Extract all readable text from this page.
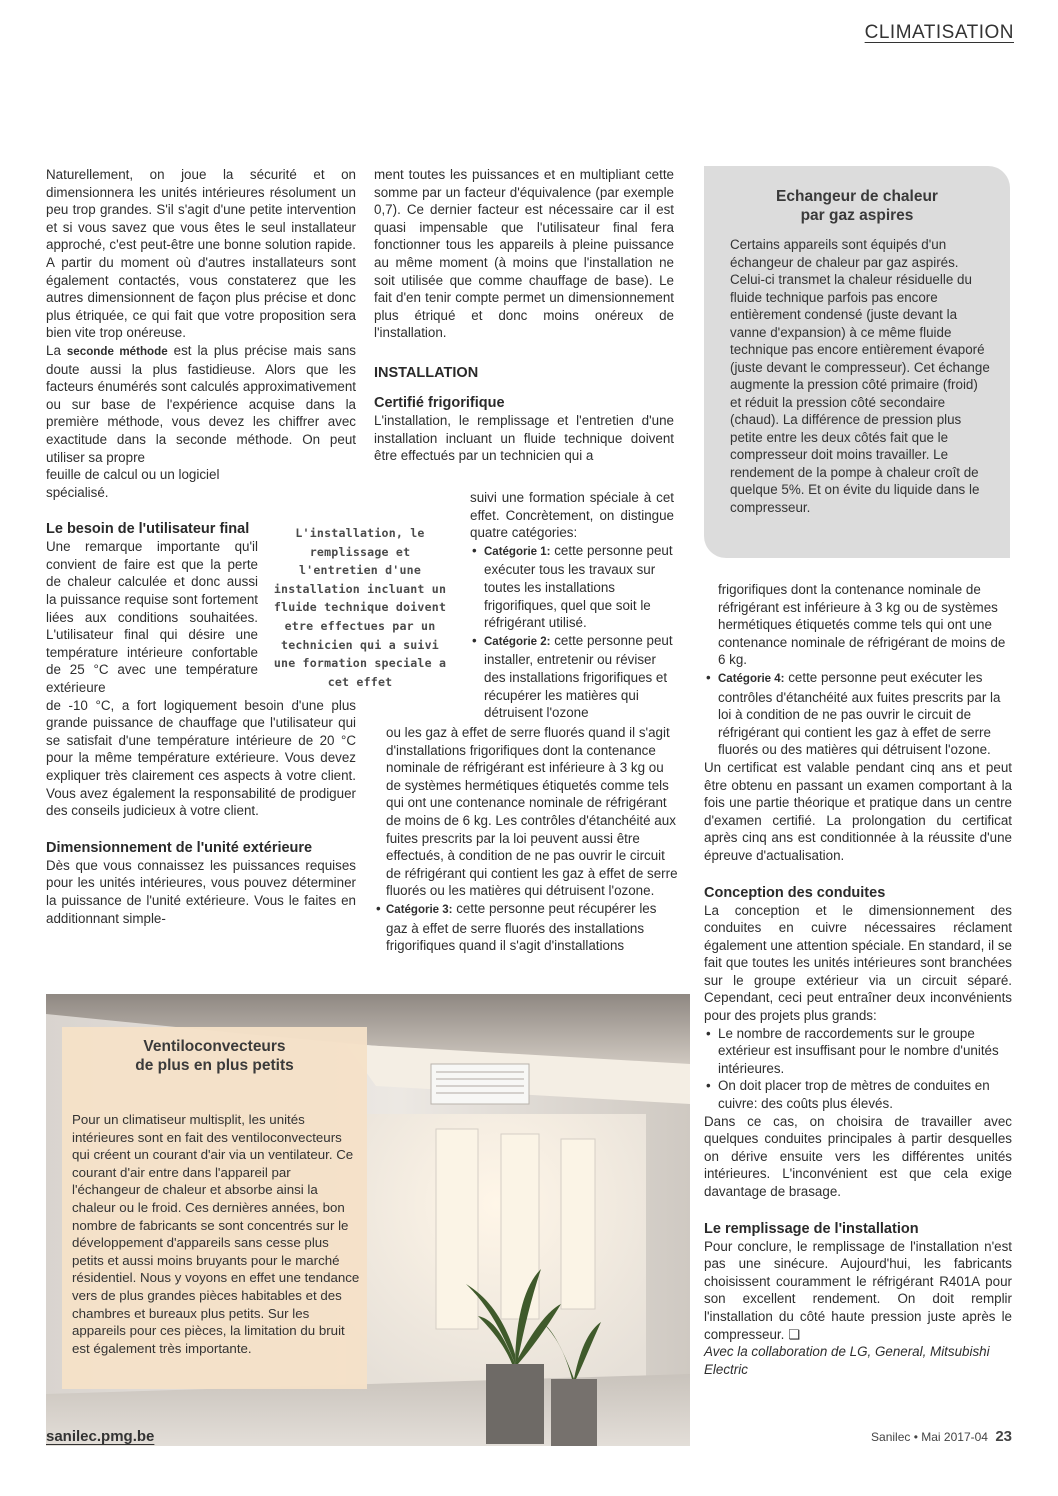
CLIMATISATION

Naturellement, on joue la sécurité et on dimensionnera les unités intérieures résolument un peu trop grandes. S'il s'agit d'une petite intervention et si vous savez que vous êtes le seul installateur approché, c'est peut-être une bonne solution rapide. A partir du moment où d'autres installateurs sont également contactés, vous constaterez que les autres dimensionnent de façon plus précise et donc plus étriquée, ce qui fait que votre proposition sera bien vite trop onéreuse.

La seconde méthode est la plus précise mais sans doute aussi la plus fastidieuse. Alors que les facteurs énumérés sont calculés approximativement ou sur base de l'expérience acquise dans la première méthode, vous devez les chiffrer avec exactitude dans la seconde méthode. On peut utiliser sa propre

feuille de calcul ou un logiciel spécialisé.

Le besoin de l'utilisateur final

Une remarque importante qu'il convient de faire est que la perte de chaleur calculée et donc aussi la puissance requise sont fortement liées aux conditions souhaitées. L'utilisateur final qui désire une température intérieure confortable de 25 °C avec une température extérieure

de -10 °C, a fort logiquement besoin d'une plus grande puissance de chauffage que l'utilisateur qui se satisfait d'une température intérieure de 20 °C pour la même température extérieure. Vous devez expliquer très clairement ces aspects à votre client. Vous avez également la responsabilité de prodiguer des conseils judicieux à votre client.

Dimensionnement de l'unité extérieure

Dès que vous connaissez les puissances requises pour les unités intérieures, vous pouvez déterminer la puissance de l'unité extérieure. Vous le faites en additionnant simple-

L'installation, le remplissage et l'entretien d'une installation incluant un fluide technique doivent etre effectues par un technicien qui a suivi une formation speciale a cet effet

ment toutes les puissances et en multipliant cette somme par un facteur d'équivalence (par exemple 0,7). Ce dernier facteur est nécessaire car il est quasi impensable que l'utilisateur final fera fonctionner tous les appareils à pleine puissance au même moment (à moins que l'installation ne soit utilisée que comme chauffage de base). Le fait d'en tenir compte permet un dimensionnement plus étriqué et donc moins onéreux de l'installation.

INSTALLATION

Certifié frigorifique

L'installation, le remplissage et l'entretien d'une installation incluant un fluide technique doivent être effectués par un technicien qui a

suivi une formation spéciale à cet effet. Concrètement, on distingue quatre catégories:

• Catégorie 1: cette personne peut exécuter tous les travaux sur toutes les installations frigorifiques, quel que soit le réfrigérant utilisé.
• Catégorie 2: cette personne peut installer, entretenir ou réviser des installations frigorifiques et récupérer les matières qui détruisent l'ozone

ou les gaz à effet de serre fluorés quand il s'agit d'installations frigorifiques dont la contenance nominale de réfrigérant est inférieure à 3 kg ou de systèmes hermétiques étiquetés comme tels qui ont une contenance nominale de réfrigérant de moins de 6 kg. Les contrôles d'étanchéité aux fuites prescrits par la loi peuvent aussi être effectués, à condition de ne pas ouvrir le circuit de réfrigérant qui contient les gaz à effet de serre fluorés ou les matières qui détruisent l'ozone.

• Catégorie 3: cette personne peut récupérer les gaz à effet de serre fluorés des installations frigorifiques quand il s'agit d'installations
Echangeur de chaleur
par gaz aspires
Certains appareils sont équipés d'un échangeur de chaleur par gaz aspirés. Celui-ci transmet la chaleur résiduelle du fluide technique parfois pas encore entièrement condensé (juste devant la vanne d'expansion) à ce même fluide technique pas encore entièrement évaporé (juste devant le compresseur). Cet échange augmente la pression côté primaire (froid) et réduit la pression côté secondaire (chaud). La différence de pression plus petite entre les deux côtés fait que le compresseur doit moins travailler. Le rendement de la pompe à chaleur croît de quelque 5%. Et on évite du liquide dans le compresseur.

frigorifiques dont la contenance nominale de réfrigérant est inférieure à 3 kg ou de systèmes hermétiques étiquetés comme tels qui ont une contenance nominale de réfrigérant de moins de 6 kg.

• Catégorie 4: cette personne peut exécuter les contrôles d'étanchéité aux fuites prescrits par la loi à condition de ne pas ouvrir le circuit de réfrigérant qui contient les gaz à effet de serre fluorés ou des matières qui détruisent l'ozone.

Un certificat est valable pendant cinq ans et peut être obtenu en passant un examen comportant à la fois une partie théorique et pratique dans un centre d'examen certifié. La prolongation du certificat après cinq ans est conditionnée à la réussite d'une épreuve d'actualisation.

Conception des conduites

La conception et le dimensionnement des conduites en cuivre nécessaires réclament également une attention spéciale. En standard, il se fait que toutes les unités intérieures sont branchées sur le groupe extérieur via un circuit séparé. Cependant, ceci peut entraîner deux inconvénients pour des projets plus grands:

• Le nombre de raccordements sur le groupe extérieur est insuffisant pour le nombre d'unités intérieures.
• On doit placer trop de mètres de conduites en cuivre: des coûts plus élevés.

Dans ce cas, on choisira de travailler avec quelques conduites principales à partir desquelles on dérive ensuite vers les différentes unités intérieures. L'inconvénient est que cela exige davantage de brasage.

Le remplissage de l'installation

Pour conclure, le remplissage de l'installation n'est pas une sinécure. Aujourd'hui, les fabricants choisissent couramment le réfrigérant R401A pour son excellent rendement. On doit remplir l'installation du côté haute pression juste après le compresseur. ❏

Avec la collaboration de LG, General, Mitsubishi Electric

Ventiloconvecteurs
de plus en plus petits
Pour un climatiseur multisplit, les unités intérieures sont en fait des ventiloconvecteurs qui créent un courant d'air via un ventilateur. Ce courant d'air entre dans l'appareil par l'échangeur de chaleur et absorbe ainsi la chaleur ou le froid. Ces dernières années, bon nombre de fabricants se sont concentrés sur le développement d'appareils sans cesse plus petits et aussi moins bruyants pour le marché résidentiel. Nous y voyons en effet une tendance vers de plus grandes pièces habitables et des chambres et bureaux plus petits. Sur les appareils pour ces pièces, la limitation du bruit est également très importante.
sanilec.pmg.be	Sanilec • Mai 2017-04 23
